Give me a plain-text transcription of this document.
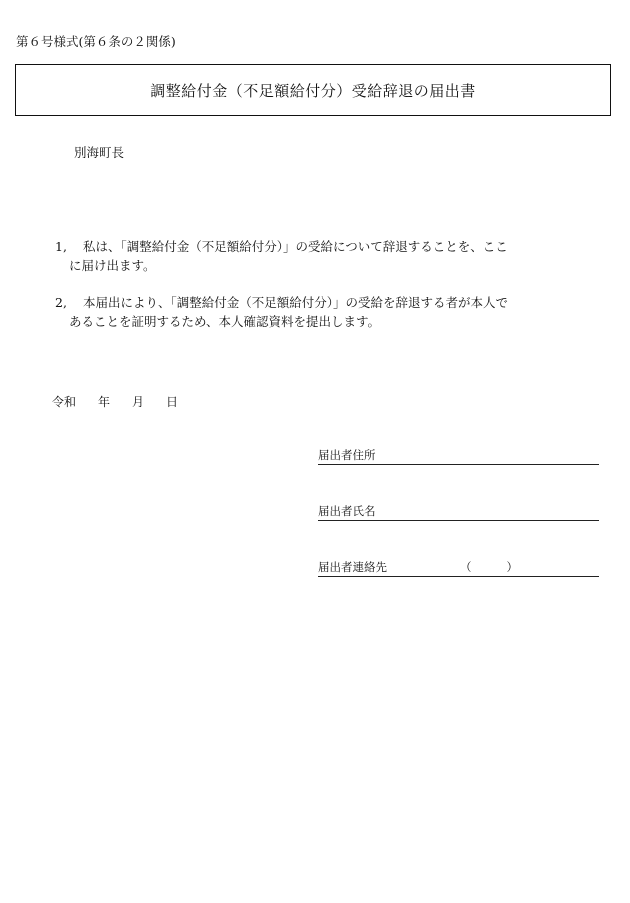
第６号様式(第６条の２関係)
調整給付金（不足額給付分）受給辞退の届出書
別海町長
1, 私は、「調整給付金（不足額給付分）」の受給について辞退することを、ここ
に届け出ます。
2, 本届出により、「調整給付金（不足額給付分）」の受給を辞退する者が本人で
あることを証明するため、本人確認資料を提出します。
令和 年 月 日
届出者住所
届出者氏名
届出者連絡先	（	）
